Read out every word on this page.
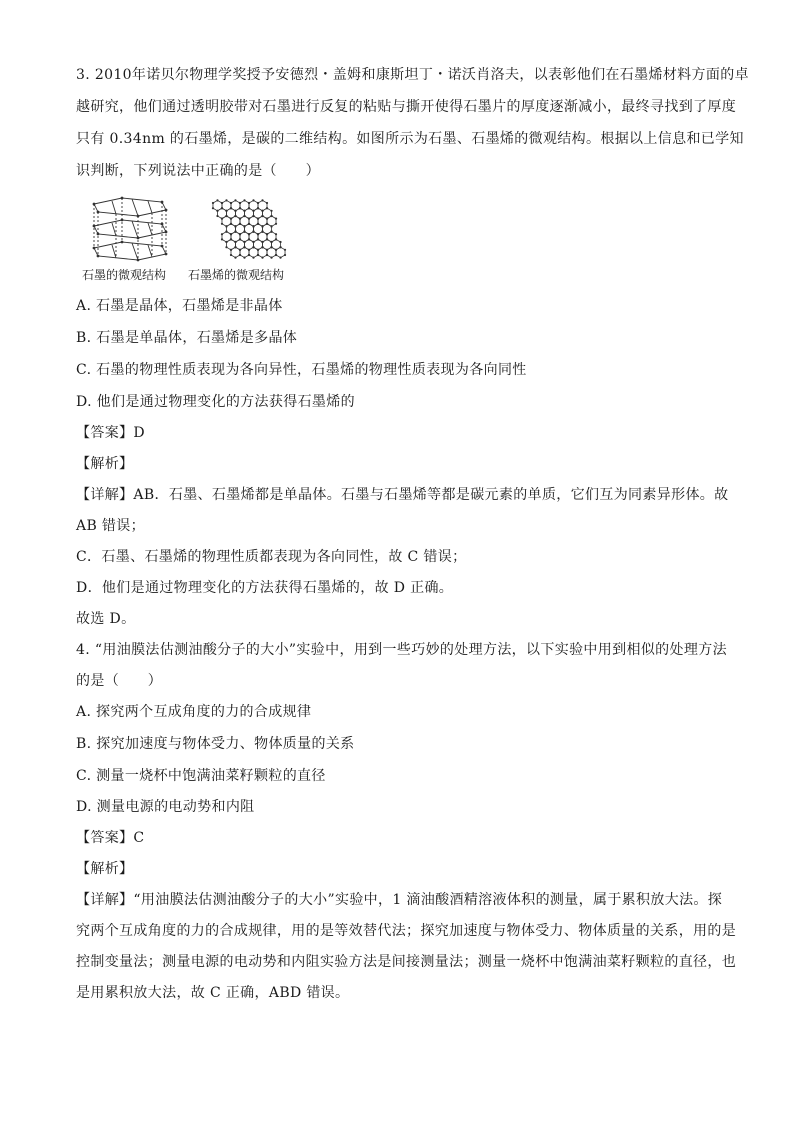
3. 2010年诺贝尔物理学奖授予安德烈・盖姆和康斯坦丁・诺沃肖洛夫，以表彰他们在石墨烯材料方面的卓
越研究，他们通过透明胶带对石墨进行反复的粘贴与撕开使得石墨片的厚度逐渐减小，最终寻找到了厚度
只有 0.34nm 的石墨烯，是碳的二维结构。如图所示为石墨、石墨烯的微观结构。根据以上信息和已学知
识判断，下列说法中正确的是（　　）
石墨的微观结构 石墨烯的微观结构
A. 石墨是晶体，石墨烯是非晶体
B. 石墨是单晶体，石墨烯是多晶体
C. 石墨的物理性质表现为各向异性，石墨烯的物理性质表现为各向同性
D. 他们是通过物理变化的方法获得石墨烯的
【答案】D
【解析】
【详解】AB．石墨、石墨烯都是单晶体。石墨与石墨烯等都是碳元素的单质，它们互为同素异形体。故
AB 错误；
C．石墨、石墨烯的物理性质都表现为各向同性，故 C 错误；
D．他们是通过物理变化的方法获得石墨烯的，故 D 正确。
故选 D。
4. “用油膜法估测油酸分子的大小”实验中，用到一些巧妙的处理方法，以下实验中用到相似的处理方法
的是（　　）
A. 探究两个互成角度的力的合成规律
B. 探究加速度与物体受力、物体质量的关系
C. 测量一烧杯中饱满油菜籽颗粒的直径
D. 测量电源的电动势和内阻
【答案】C
【解析】
【详解】“用油膜法估测油酸分子的大小”实验中，1 滴油酸酒精溶液体积的测量，属于累积放大法。探
究两个互成角度的力的合成规律，用的是等效替代法；探究加速度与物体受力、物体质量的关系，用的是
控制变量法；测量电源的电动势和内阻实验方法是间接测量法；测量一烧杯中饱满油菜籽颗粒的直径，也
是用累积放大法，故 C 正确，ABD 错误。
